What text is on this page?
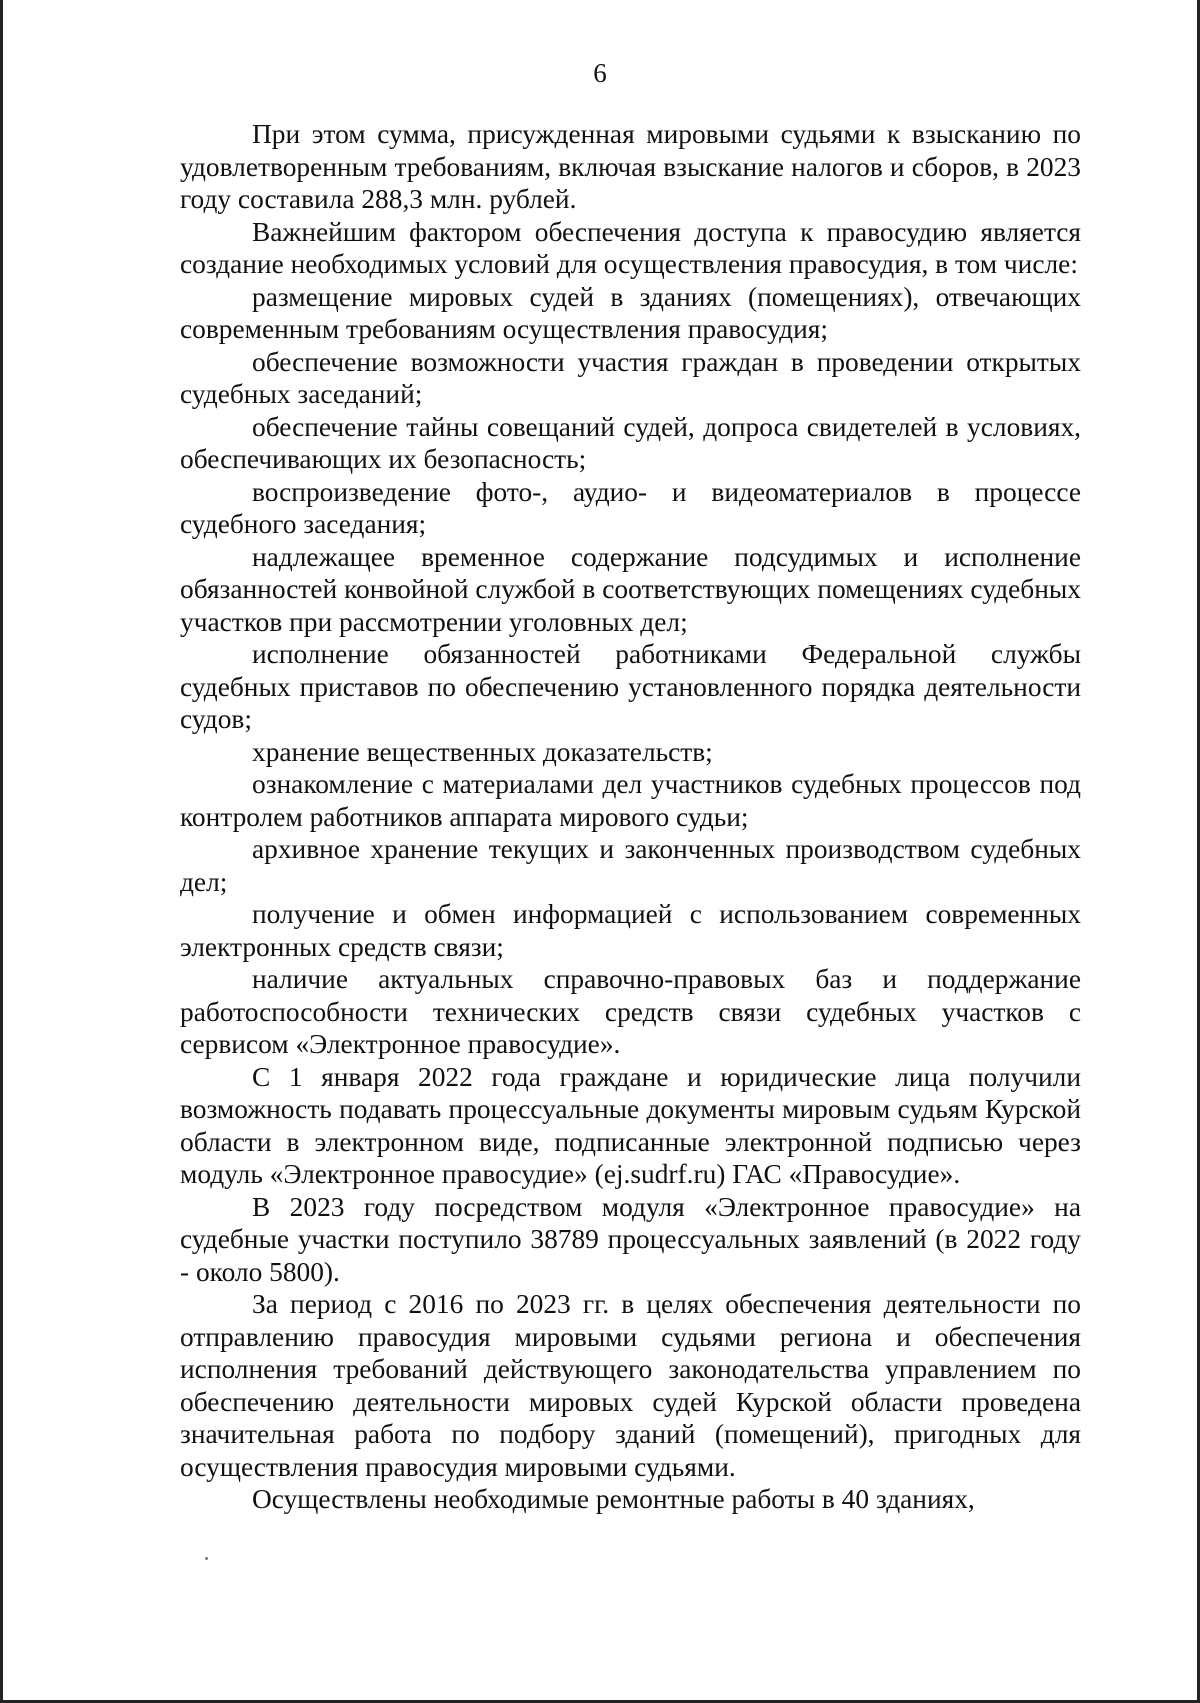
6

При этом сумма, присужденная мировыми судьями к взысканию по удовлетворенным требованиям, включая взыскание налогов и сборов, в 2023 году составила 288,3 млн. рублей.

Важнейшим фактором обеспечения доступа к правосудию является создание необходимых условий для осуществления правосудия, в том числе:

размещение мировых судей в зданиях (помещениях), отвечающих современным требованиям осуществления правосудия;

обеспечение возможности участия граждан в проведении открытых судебных заседаний;

обеспечение тайны совещаний судей, допроса свидетелей в условиях, обеспечивающих их безопасность;

воспроизведение фото-, аудио- и видеоматериалов в процессе судебного заседания;

надлежащее временное содержание подсудимых и исполнение обязанностей конвойной службой в соответствующих помещениях судебных участков при рассмотрении уголовных дел;

исполнение обязанностей работниками Федеральной службы судебных приставов по обеспечению установленного порядка деятельности судов;

хранение вещественных доказательств;

ознакомление с материалами дел участников судебных процессов под контролем работников аппарата мирового судьи;

архивное хранение текущих и законченных производством судебных дел;

получение и обмен информацией с использованием современных электронных средств связи;

наличие актуальных справочно-правовых баз и поддержание работоспособности технических средств связи судебных участков с сервисом «Электронное правосудие».

С 1 января 2022 года граждане и юридические лица получили возможность подавать процессуальные документы мировым судьям Курской области в электронном виде, подписанные электронной подписью через модуль «Электронное правосудие» (ej.sudrf.ru) ГАС «Правосудие».

В 2023 году посредством модуля «Электронное правосудие» на судебные участки поступило 38789 процессуальных заявлений (в 2022 году - около 5800).

За период с 2016 по 2023 гг. в целях обеспечения деятельности по отправлению правосудия мировыми судьями региона и обеспечения исполнения требований действующего законодательства управлением по обеспечению деятельности мировых судей Курской области проведена значительная работа по подбору зданий (помещений), пригодных для осуществления правосудия мировыми судьями.

Осуществлены необходимые ремонтные работы в 40 зданиях,
